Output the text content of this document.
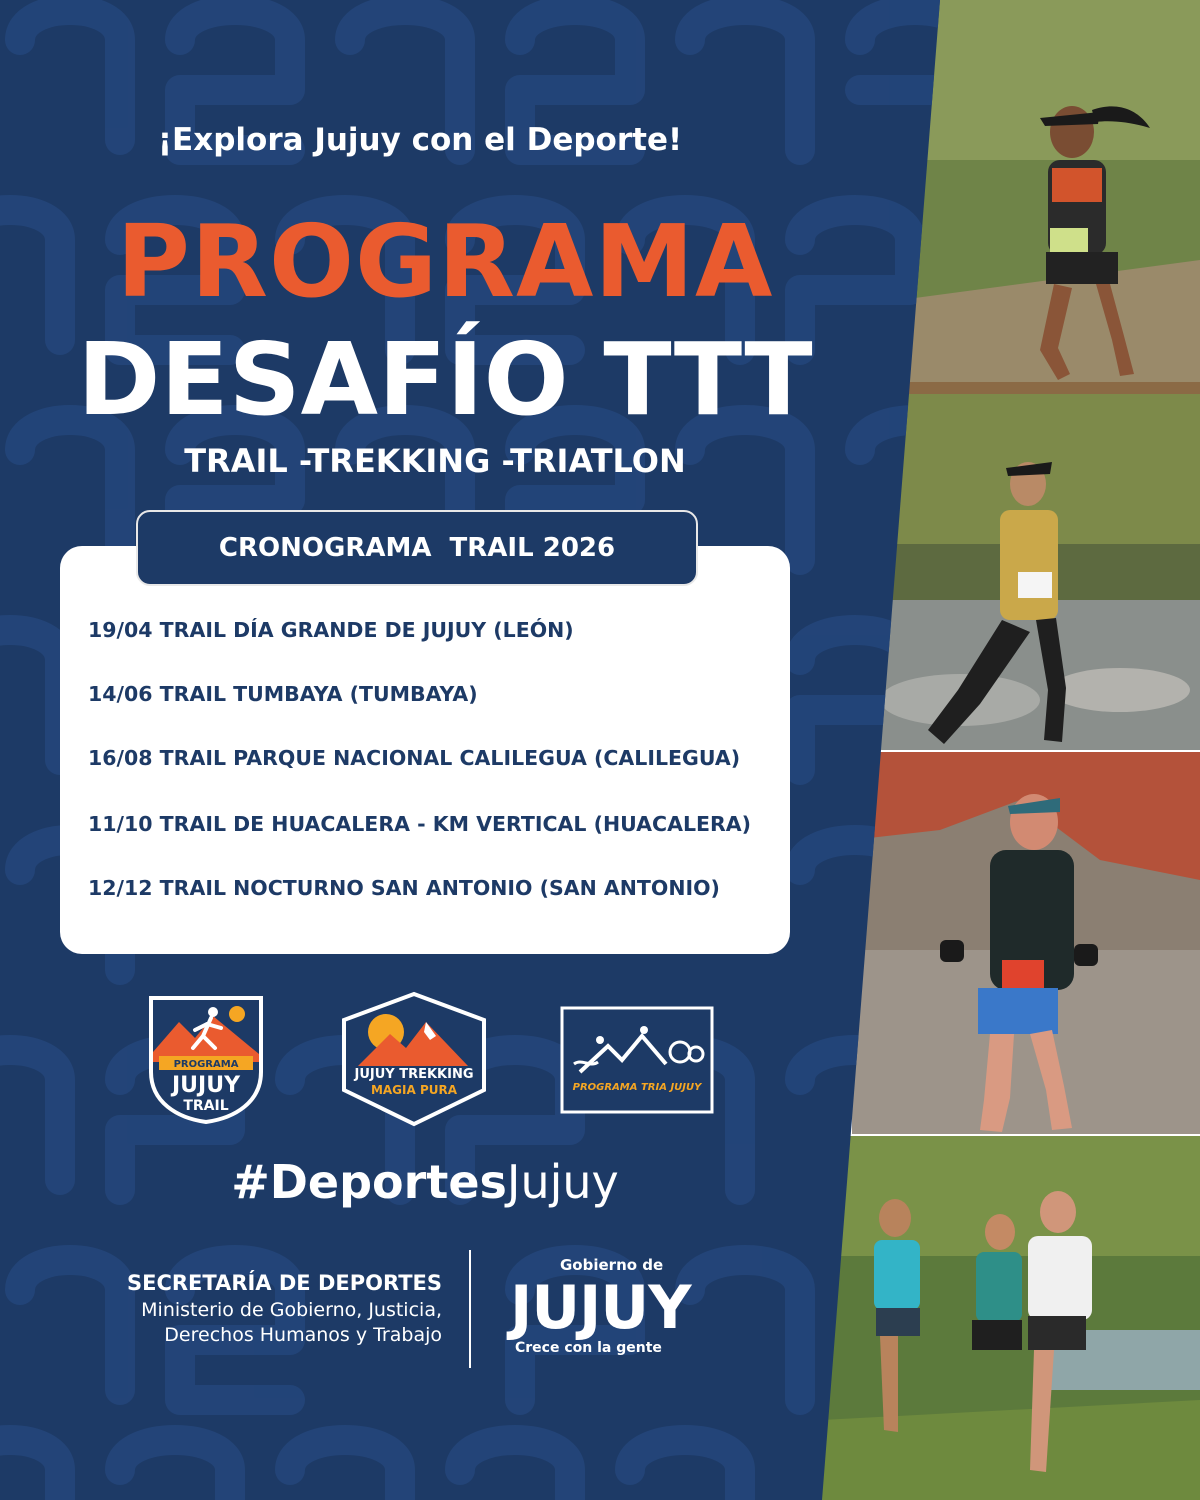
¡Explora Jujuy con el Deporte!
PROGRAMA
DESAFÍO TTT
TRAIL -TREKKING -TRIATLON
CRONOGRAMA  TRAIL 2026
19/04 TRAIL DÍA GRANDE DE JUJUY (LEÓN)
14/06 TRAIL TUMBAYA (TUMBAYA)
16/08 TRAIL PARQUE NACIONAL CALILEGUA (CALILEGUA)
11/10 TRAIL DE HUACALERA - KM VERTICAL (HUACALERA)
12/12 TRAIL NOCTURNO SAN ANTONIO (SAN ANTONIO)
PROGRAMA
JUJUY
TRAIL
JUJUY TREKKING
MAGIA PURA	PROGRAMA TRIA JUJUY
#DeportesJujuy
SECRETARÍA DE DEPORTES
Ministerio de Gobierno, Justicia,
Derechos Humanos y Trabajo
Gobierno de
JUJUY
Crece con la gente
